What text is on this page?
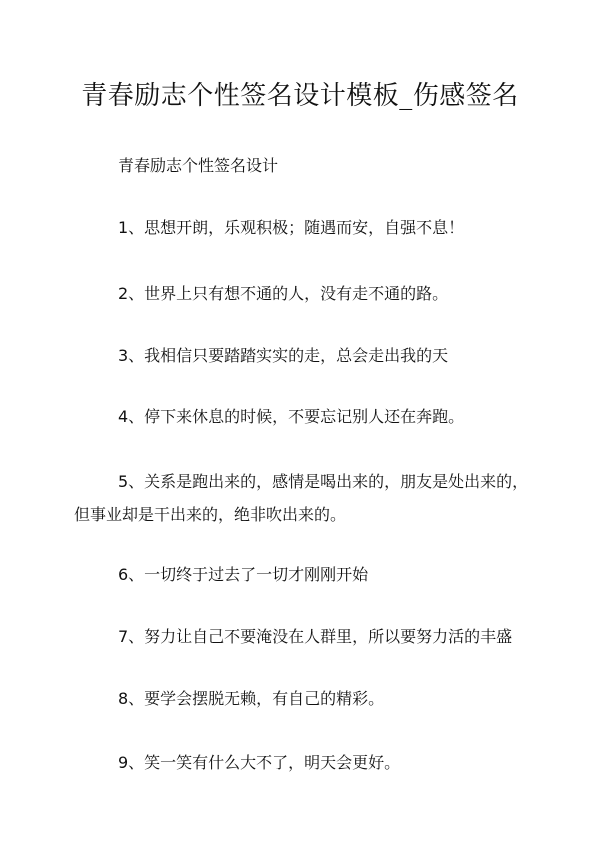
青春励志个性签名设计模板_伤感签名
青春励志个性签名设计
1、思想开朗，乐观积极；随遇而安，自强不息！
2、世界上只有想不通的人，没有走不通的路。
3、我相信只要踏踏实实的走，总会走出我的天
4、停下来休息的时候，不要忘记别人还在奔跑。
5、关系是跑出来的，感情是喝出来的，朋友是处出来的，但事业却是干出来的，绝非吹出来的。
6、一切终于过去了一切才刚刚开始
7、努力让自己不要淹没在人群里，所以要努力活的丰盛
8、要学会摆脱无赖，有自己的精彩。
9、笑一笑有什么大不了，明天会更好。
